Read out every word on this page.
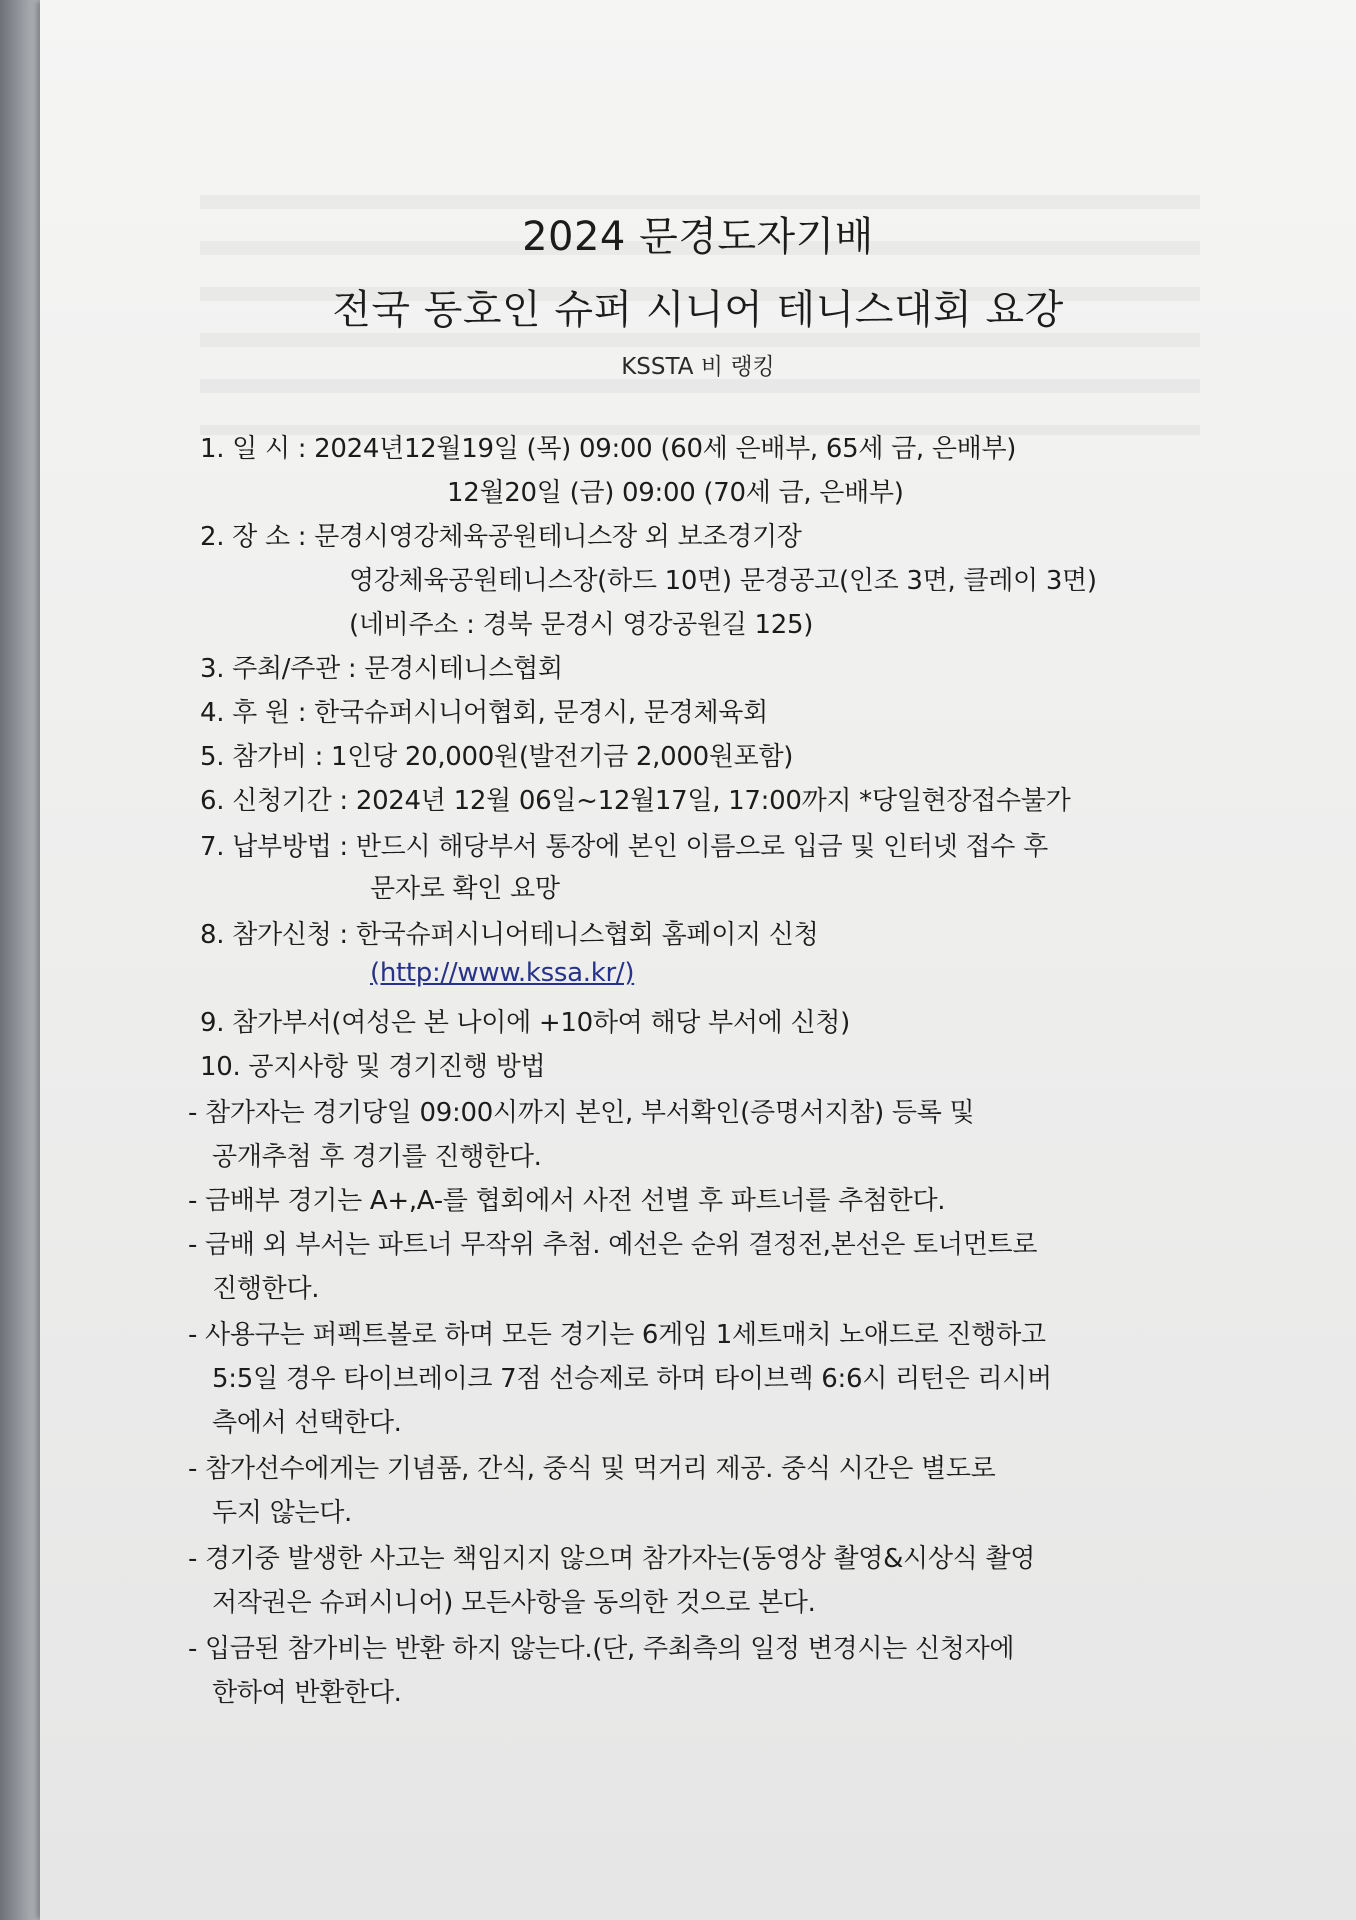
2024 문경도자기배
전국 동호인 슈퍼 시니어 테니스대회 요강
KSSTA 비 랭킹
1. 일 시 : 2024년12월19일 (목) 09:00 (60세 은배부, 65세 금, 은배부)
12월20일 (금) 09:00 (70세 금, 은배부)
2. 장 소 : 문경시영강체육공원테니스장 외 보조경기장
영강체육공원테니스장(하드 10면) 문경공고(인조 3면, 클레이 3면)
(네비주소 : 경북 문경시 영강공원길 125)
3. 주최/주관 : 문경시테니스협회
4. 후 원 : 한국슈퍼시니어협회, 문경시, 문경체육회
5. 참가비 : 1인당 20,000원(발전기금 2,000원포함)
6. 신청기간 : 2024년 12월 06일~12월17일, 17:00까지 *당일현장접수불가
7. 납부방법 : 반드시 해당부서 통장에 본인 이름으로 입금 및 인터넷 접수 후
문자로 확인 요망
8. 참가신청 : 한국슈퍼시니어테니스협회 홈페이지 신청
(http://www.kssa.kr/)
9. 참가부서(여성은 본 나이에 +10하여 해당 부서에 신청)
10. 공지사항 및 경기진행 방법
- 참가자는 경기당일 09:00시까지 본인, 부서확인(증명서지참) 등록 및
공개추첨 후 경기를 진행한다.
- 금배부 경기는 A+,A-를 협회에서 사전 선별 후 파트너를 추첨한다.
- 금배 외 부서는 파트너 무작위 추첨. 예선은 순위 결정전,본선은 토너먼트로
진행한다.
- 사용구는 퍼펙트볼로 하며 모든 경기는 6게임 1세트매치 노애드로 진행하고
5:5일 경우 타이브레이크 7점 선승제로 하며 타이브렉 6:6시 리턴은 리시버
측에서 선택한다.
- 참가선수에게는 기념품, 간식, 중식 및 먹거리 제공. 중식 시간은 별도로
두지 않는다.
- 경기중 발생한 사고는 책임지지 않으며 참가자는(동영상 촬영&시상식 촬영
저작권은 슈퍼시니어) 모든사항을 동의한 것으로 본다.
- 입금된 참가비는 반환 하지 않는다.(단, 주최측의 일정 변경시는 신청자에
한하여 반환한다.
